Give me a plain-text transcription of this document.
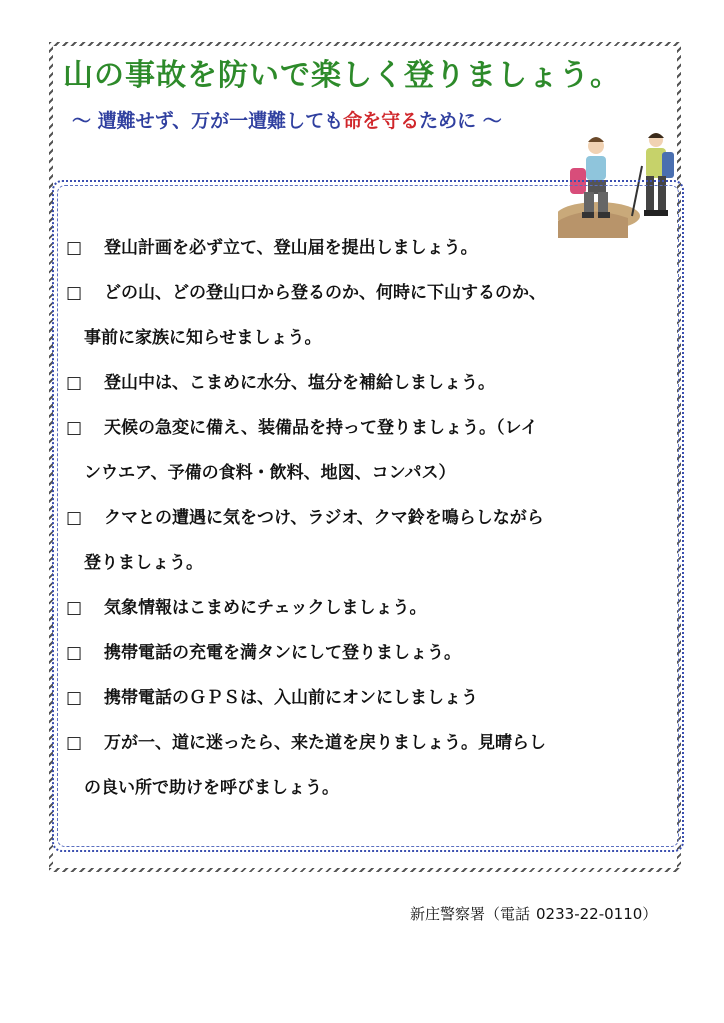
山の事故を防いで楽しく登りましょう。
～ 遭難せず、万が一遭難しても命を守るために ～
□	登山計画を必ず立て、登山届を提出しましょう。
□	どの山、どの登山口から登るのか、何時に下山するのか、
事前に家族に知らせましょう。
□	登山中は、こまめに水分、塩分を補給しましょう。
□	天候の急変に備え、装備品を持って登りましょう。（レイ
ンウエア、予備の食料・飲料、地図、コンパス）
□	クマとの遭遇に気をつけ、ラジオ、クマ鈴を鳴らしながら
登りましょう。
□	気象情報はこまめにチェックしましょう。
□	携帯電話の充電を満タンにして登りましょう。
□	携帯電話のＧＰＳは、入山前にオンにしましょう
□	万が一、道に迷ったら、来た道を戻りましょう。見晴らし
の良い所で助けを呼びましょう。
新庄警察署（電話 0233-22-0110）
